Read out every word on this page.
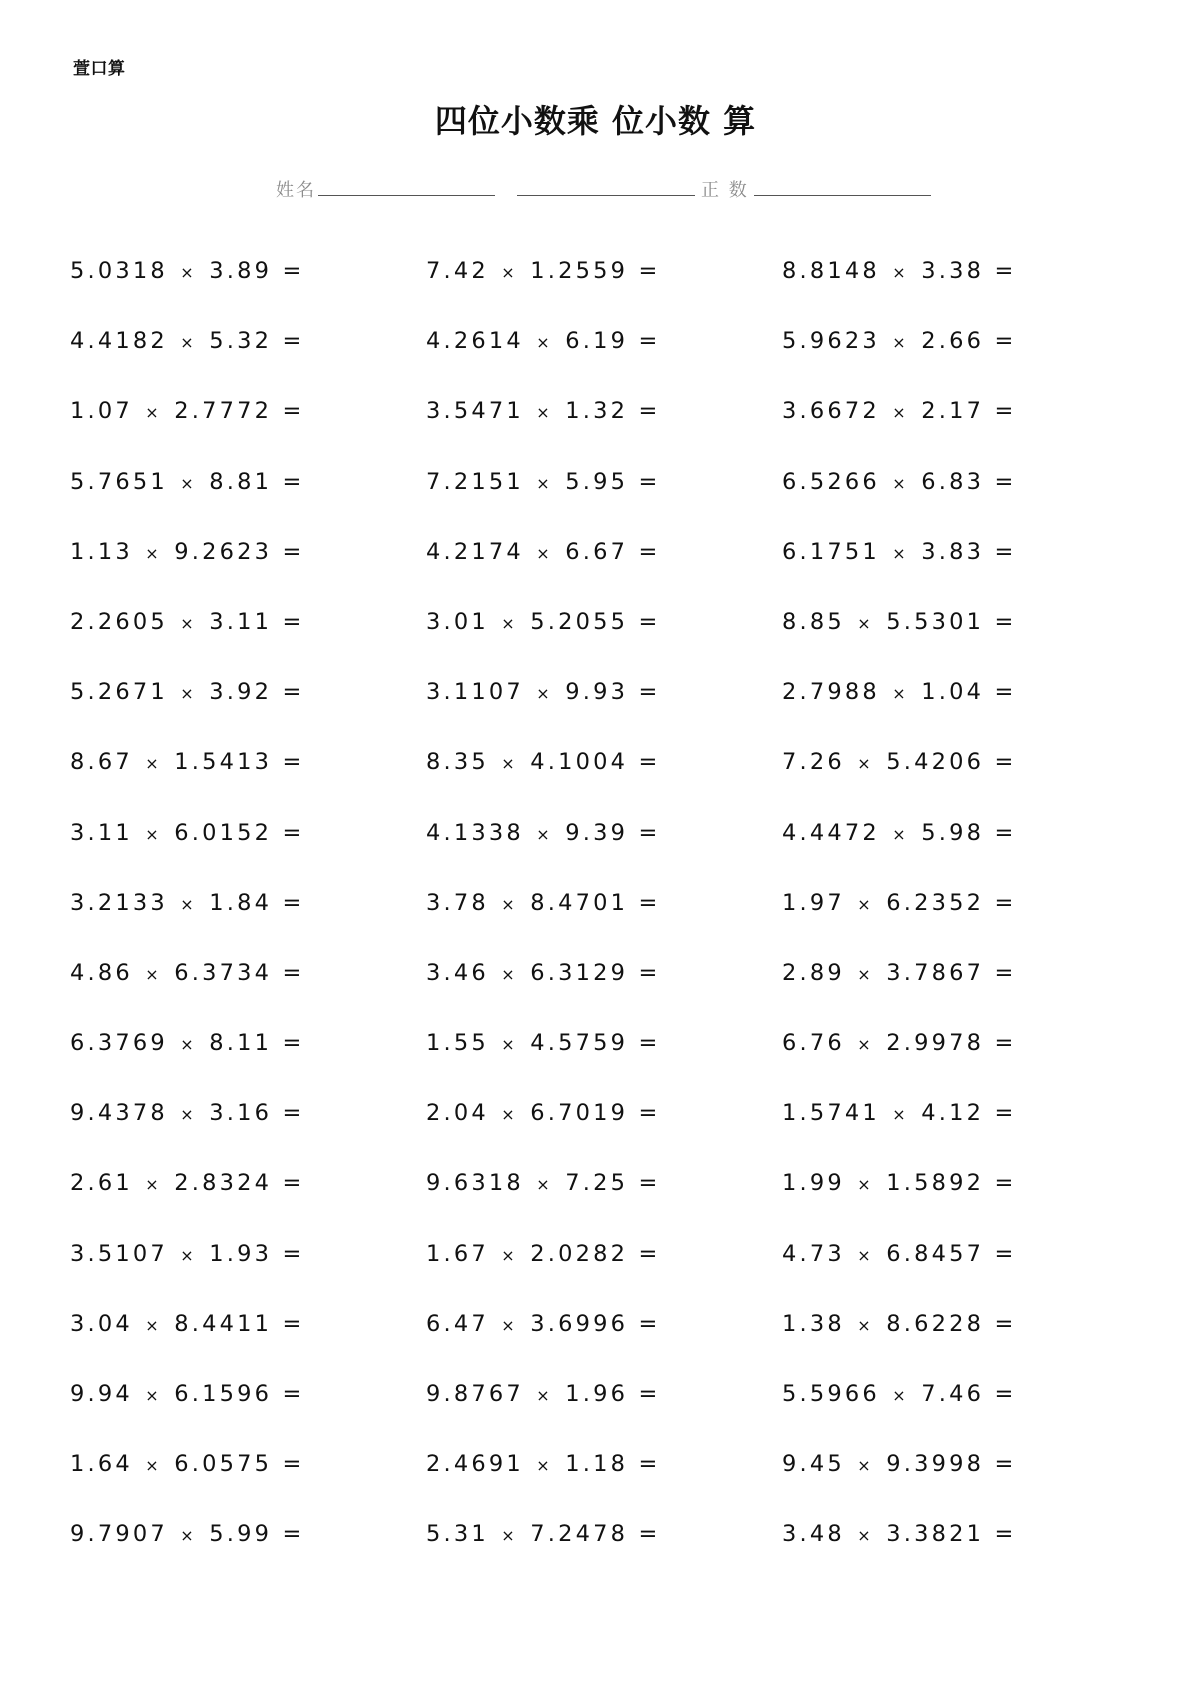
萱口算
四位小数乘 位小数 算
姓名	正 数
5.0318 × 3.89 =	7.42 × 1.2559 =	8.8148 × 3.38 =
4.4182 × 5.32 =	4.2614 × 6.19 =	5.9623 × 2.66 =
1.07 × 2.7772 =	3.5471 × 1.32 =	3.6672 × 2.17 =
5.7651 × 8.81 =	7.2151 × 5.95 =	6.5266 × 6.83 =
1.13 × 9.2623 =	4.2174 × 6.67 =	6.1751 × 3.83 =
2.2605 × 3.11 =	3.01 × 5.2055 =	8.85 × 5.5301 =
5.2671 × 3.92 =	3.1107 × 9.93 =	2.7988 × 1.04 =
8.67 × 1.5413 =	8.35 × 4.1004 =	7.26 × 5.4206 =
3.11 × 6.0152 =	4.1338 × 9.39 =	4.4472 × 5.98 =
3.2133 × 1.84 =	3.78 × 8.4701 =	1.97 × 6.2352 =
4.86 × 6.3734 =	3.46 × 6.3129 =	2.89 × 3.7867 =
6.3769 × 8.11 =	1.55 × 4.5759 =	6.76 × 2.9978 =
9.4378 × 3.16 =	2.04 × 6.7019 =	1.5741 × 4.12 =
2.61 × 2.8324 =	9.6318 × 7.25 =	1.99 × 1.5892 =
3.5107 × 1.93 =	1.67 × 2.0282 =	4.73 × 6.8457 =
3.04 × 8.4411 =	6.47 × 3.6996 =	1.38 × 8.6228 =
9.94 × 6.1596 =	9.8767 × 1.96 =	5.5966 × 7.46 =
1.64 × 6.0575 =	2.4691 × 1.18 =	9.45 × 9.3998 =
9.7907 × 5.99 =	5.31 × 7.2478 =	3.48 × 3.3821 =
